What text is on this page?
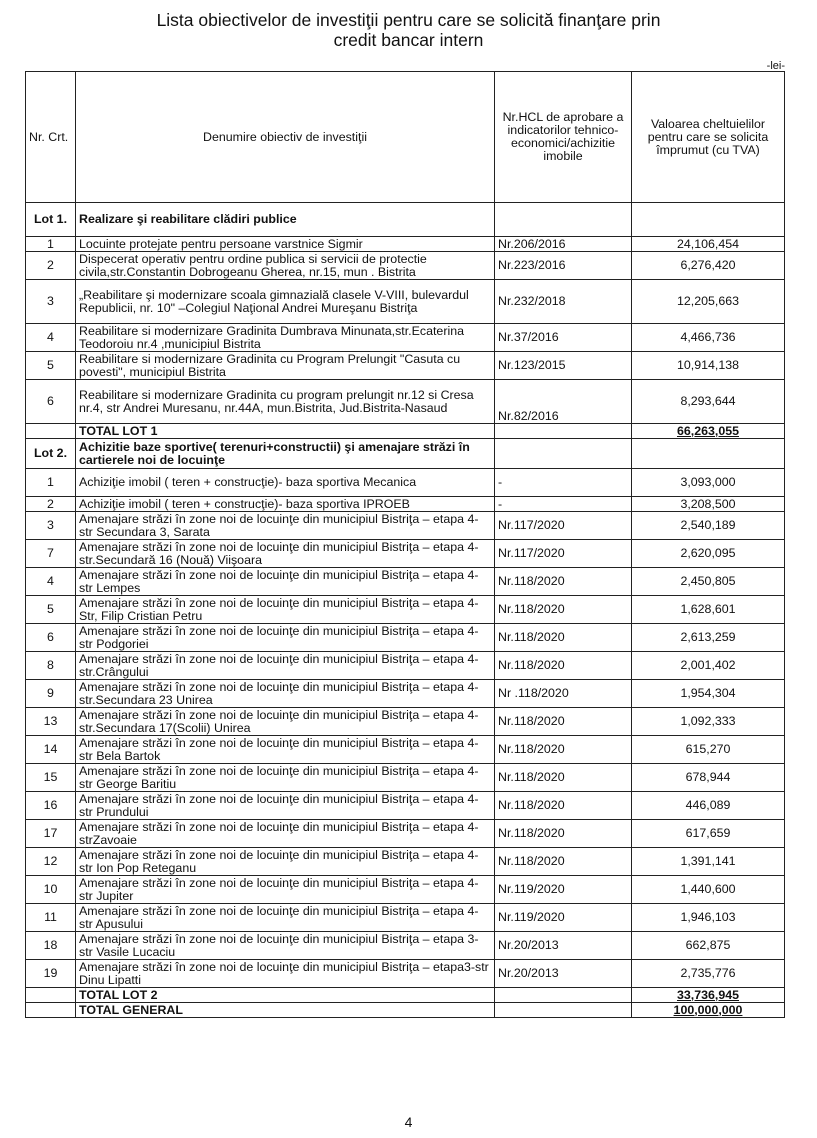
Lista obiectivelor de investiţii pentru care se solicită finanţare prin
credit bancar intern
-lei-
Nr. Crt.	Denumire obiectiv de investiţii	Nr.HCL de aprobare a indicatorilor tehnico-economici/achizitie imobile	Valoarea cheltuielilor pentru care se solicita împrumut (cu TVA)
Lot 1.	Realizare şi reabilitare clădiri publice		
1	Locuinte protejate pentru persoane varstnice Sigmir	Nr.206/2016	24,106,454
2	Dispecerat operativ pentru ordine publica si servicii de protectie civila,str.Constantin Dobrogeanu Gherea, nr.15, mun . Bistrita	Nr.223/2016	6,276,420
3	„Reabilitare şi modernizare scoala gimnazială clasele V-VIII, bulevardul Republicii, nr. 10" –Colegiul Naţional Andrei Mureşanu Bistriţa	Nr.232/2018	12,205,663
4	Reabilitare si modernizare Gradinita Dumbrava Minunata,str.Ecaterina Teodoroiu nr.4 ,municipiul Bistrita	Nr.37/2016	4,466,736
5	Reabilitare si modernizare Gradinita cu Program Prelungit "Casuta cu povesti", municipiul Bistrita	Nr.123/2015	10,914,138
6	Reabilitare si modernizare Gradinita cu program prelungit nr.12 si Cresa nr.4, str Andrei Muresanu, nr.44A, mun.Bistrita, Jud.Bistrita-Nasaud	Nr.82/2016	8,293,644
	TOTAL LOT 1		66,263,055
Lot 2.	Achizitie baze sportive( terenuri+constructii) şi amenajare străzi în cartierele noi de locuinţe		
1	Achiziţie imobil ( teren + construcţie)- baza sportiva Mecanica	-	3,093,000
2	Achiziţie imobil ( teren + construcţie)- baza sportiva IPROEB	-	3,208,500
3	Amenajare străzi în zone noi de locuinţe din municipiul Bistriţa – etapa 4-str Secundara 3, Sarata	Nr.117/2020	2,540,189
7	Amenajare străzi în zone noi de locuinţe din municipiul Bistriţa – etapa 4-str.Secundară 16 (Nouă) Viişoara	Nr.117/2020	2,620,095
4	Amenajare străzi în zone noi de locuinţe din municipiul Bistriţa – etapa 4-str Lempes	Nr.118/2020	2,450,805
5	Amenajare străzi în zone noi de locuinţe din municipiul Bistriţa – etapa 4-Str, Filip Cristian Petru	Nr.118/2020	1,628,601
6	Amenajare străzi în zone noi de locuinţe din municipiul Bistriţa – etapa 4-str Podgoriei	Nr.118/2020	2,613,259
8	Amenajare străzi în zone noi de locuinţe din municipiul Bistriţa – etapa 4-str.Crângului	Nr.118/2020	2,001,402
9	Amenajare străzi în zone noi de locuinţe din municipiul Bistriţa – etapa 4-str.Secundara 23 Unirea	Nr .118/2020	1,954,304
13	Amenajare străzi în zone noi de locuinţe din municipiul Bistriţa – etapa 4-str.Secundara 17(Scolii) Unirea	Nr.118/2020	1,092,333
14	Amenajare străzi în zone noi de locuinţe din municipiul Bistriţa – etapa 4-str Bela Bartok	Nr.118/2020	615,270
15	Amenajare străzi în zone noi de locuinţe din municipiul Bistriţa – etapa 4-str George Baritiu	Nr.118/2020	678,944
16	Amenajare străzi în zone noi de locuinţe din municipiul Bistriţa – etapa 4-str Prundului	Nr.118/2020	446,089
17	Amenajare străzi în zone noi de locuinţe din municipiul Bistriţa – etapa 4-strZavoaie	Nr.118/2020	617,659
12	Amenajare străzi în zone noi de locuinţe din municipiul Bistriţa – etapa 4-str Ion Pop Reteganu	Nr.118/2020	1,391,141
10	Amenajare străzi în zone noi de locuinţe din municipiul Bistriţa – etapa 4-str Jupiter	Nr.119/2020	1,440,600
11	Amenajare străzi în zone noi de locuinţe din municipiul Bistriţa – etapa 4-str Apusului	Nr.119/2020	1,946,103
18	Amenajare străzi în zone noi de locuinţe din municipiul Bistriţa – etapa 3-str Vasile Lucaciu	Nr.20/2013	662,875
19	Amenajare străzi în zone noi de locuinţe din municipiul Bistriţa – etapa3-str Dinu Lipatti	Nr.20/2013	2,735,776
	TOTAL LOT 2		33,736,945
	TOTAL GENERAL		100,000,000
4
